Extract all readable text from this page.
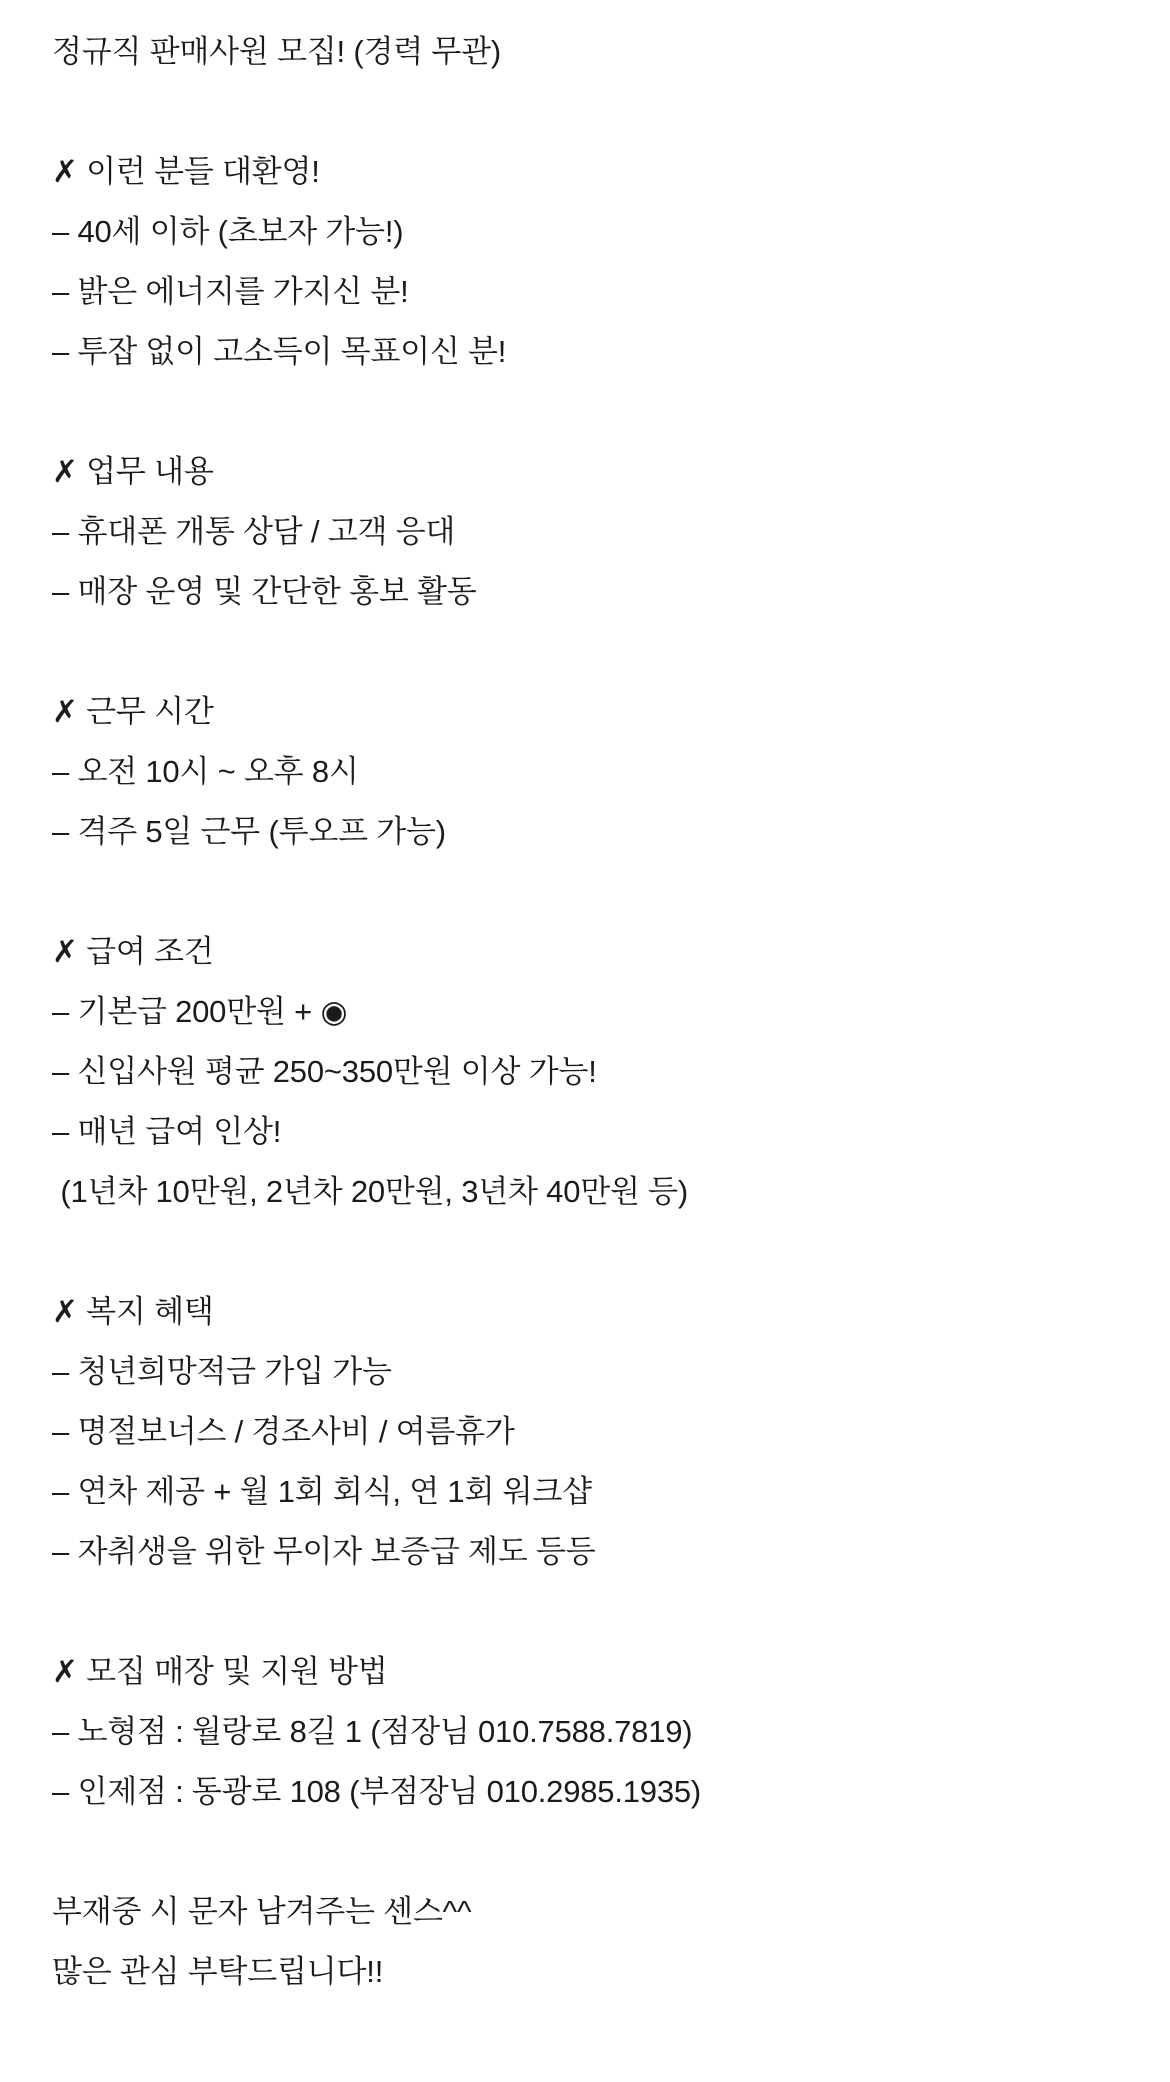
정규직 판매사원 모집! (경력 무관)
✗ 이런 분들 대환영!
– 40세 이하 (초보자 가능!)
– 밝은 에너지를 가지신 분!
– 투잡 없이 고소득이 목표이신 분!
✗ 업무 내용
– 휴대폰 개통 상담 / 고객 응대
– 매장 운영 및 간단한 홍보 활동
✗ 근무 시간
– 오전 10시 ~ 오후 8시
– 격주 5일 근무 (투오프 가능)
✗ 급여 조건
– 기본급 200만원 + ◉
– 신입사원 평균 250~350만원 이상 가능!
– 매년 급여 인상!
(1년차 10만원, 2년차 20만원, 3년차 40만원 등)
✗ 복지 혜택
– 청년희망적금 가입 가능
– 명절보너스 / 경조사비 / 여름휴가
– 연차 제공 + 월 1회 회식, 연 1회 워크샵
– 자취생을 위한 무이자 보증급 제도 등등
✗ 모집 매장 및 지원 방법
– 노형점 : 월랑로 8길 1 (점장님 010.7588.7819)
– 인제점 : 동광로 108 (부점장님 010.2985.1935)
부재중 시 문자 남겨주는 센스^^
많은 관심 부탁드립니다!!
